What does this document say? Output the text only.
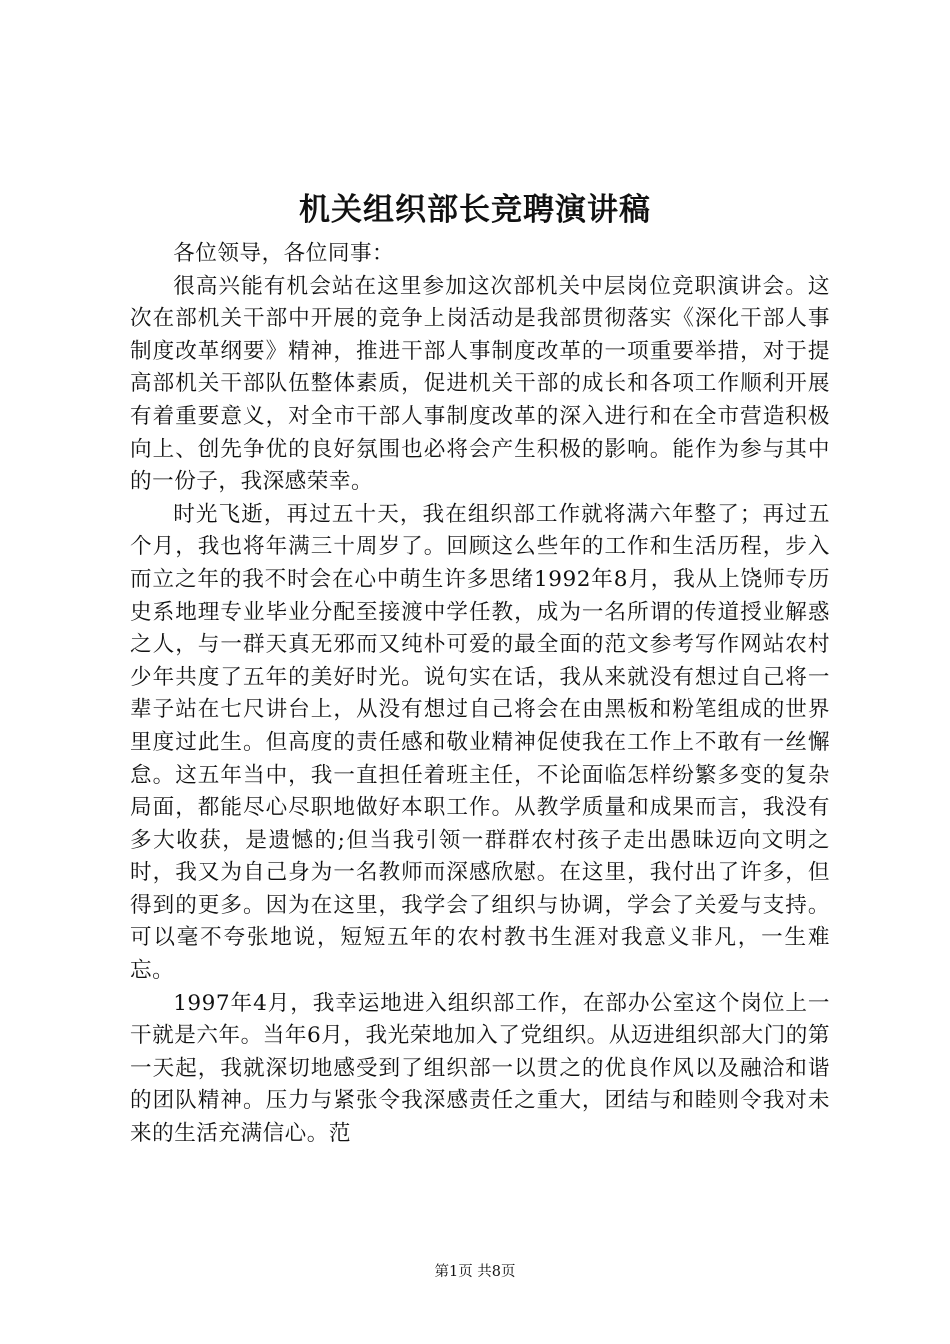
机关组织部长竞聘演讲稿

各位领导，各位同事：

很高兴能有机会站在这里参加这次部机关中层岗位竞职演讲会。这次在部机关干部中开展的竞争上岗活动是我部贯彻落实《深化干部人事制度改革纲要》精神，推进干部人事制度改革的一项重要举措，对于提高部机关干部队伍整体素质，促进机关干部的成长和各项工作顺利开展有着重要意义，对全市干部人事制度改革的深入进行和在全市营造积极向上、创先争优的良好氛围也必将会产生积极的影响。能作为参与其中的一份子，我深感荣幸。

时光飞逝，再过五十天，我在组织部工作就将满六年整了；再过五个月，我也将年满三十周岁了。回顾这么些年的工作和生活历程，步入而立之年的我不时会在心中萌生许多思绪1992年8月，我从上饶师专历史系地理专业毕业分配至接渡中学任教，成为一名所谓的传道授业解惑之人，与一群天真无邪而又纯朴可爱的最全面的范文参考写作网站农村少年共度了五年的美好时光。说句实在话，我从来就没有想过自己将一辈子站在七尺讲台上，从没有想过自己将会在由黑板和粉笔组成的世界里度过此生。但高度的责任感和敬业精神促使我在工作上不敢有一丝懈怠。这五年当中，我一直担任着班主任，不论面临怎样纷繁多变的复杂局面，都能尽心尽职地做好本职工作。从教学质量和成果而言，我没有多大收获，是遗憾的;但当我引领一群群农村孩子走出愚昧迈向文明之时，我又为自己身为一名教师而深感欣慰。在这里，我付出了许多，但得到的更多。因为在这里，我学会了组织与协调，学会了关爱与支持。可以毫不夸张地说，短短五年的农村教书生涯对我意义非凡，一生难忘。

1997年4月，我幸运地进入组织部工作，在部办公室这个岗位上一干就是六年。当年6月，我光荣地加入了党组织。从迈进组织部大门的第一天起，我就深切地感受到了组织部一以贯之的优良作风以及融洽和谐的团队精神。压力与紧张令我深感责任之重大，团结与和睦则令我对未来的生活充满信心。范

第1页 共8页
